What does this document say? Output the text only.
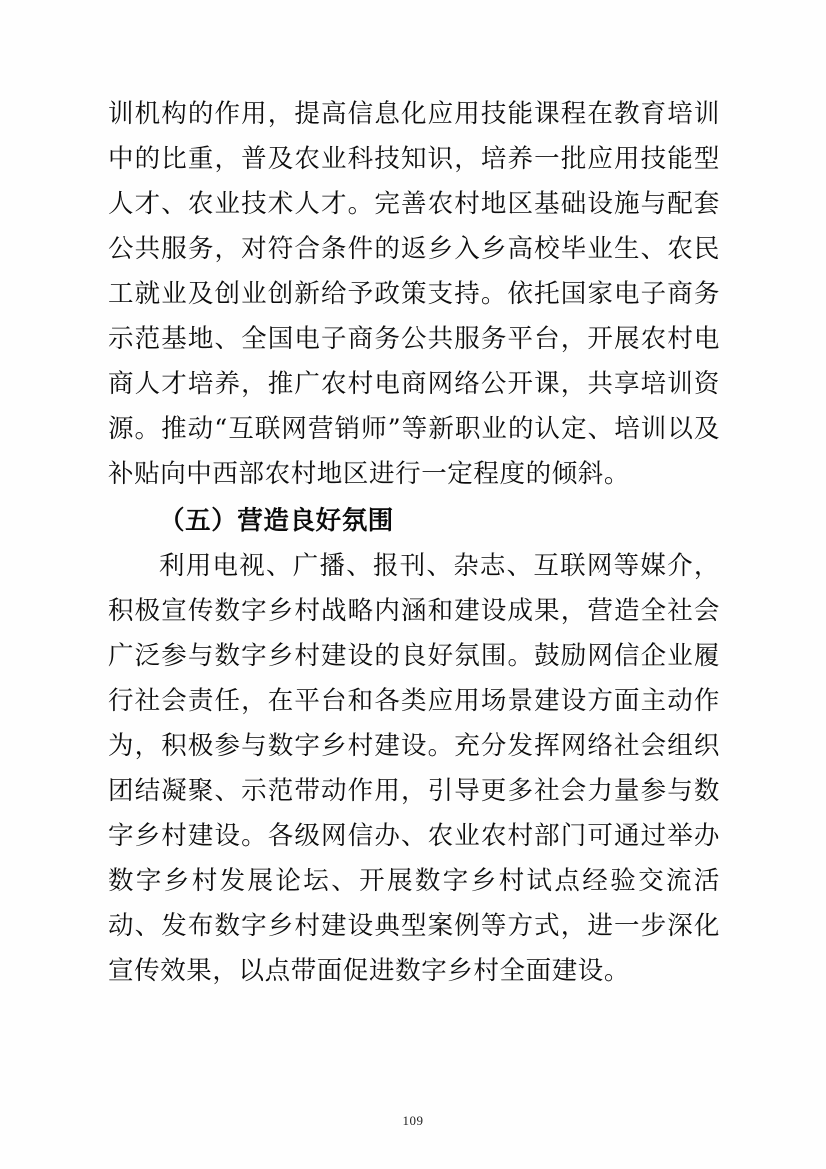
训机构的作用，提高信息化应用技能课程在教育培训中的比重，普及农业科技知识，培养一批应用技能型人才、农业技术人才。完善农村地区基础设施与配套公共服务，对符合条件的返乡入乡高校毕业生、农民工就业及创业创新给予政策支持。依托国家电子商务示范基地、全国电子商务公共服务平台，开展农村电商人才培养，推广农村电商网络公开课，共享培训资源。推动“互联网营销师”等新职业的认定、培训以及补贴向中西部农村地区进行一定程度的倾斜。

（五）营造良好氛围

利用电视、广播、报刊、杂志、互联网等媒介，积极宣传数字乡村战略内涵和建设成果，营造全社会广泛参与数字乡村建设的良好氛围。鼓励网信企业履行社会责任，在平台和各类应用场景建设方面主动作为，积极参与数字乡村建设。充分发挥网络社会组织团结凝聚、示范带动作用，引导更多社会力量参与数字乡村建设。各级网信办、农业农村部门可通过举办数字乡村发展论坛、开展数字乡村试点经验交流活动、发布数字乡村建设典型案例等方式，进一步深化宣传效果，以点带面促进数字乡村全面建设。

109
